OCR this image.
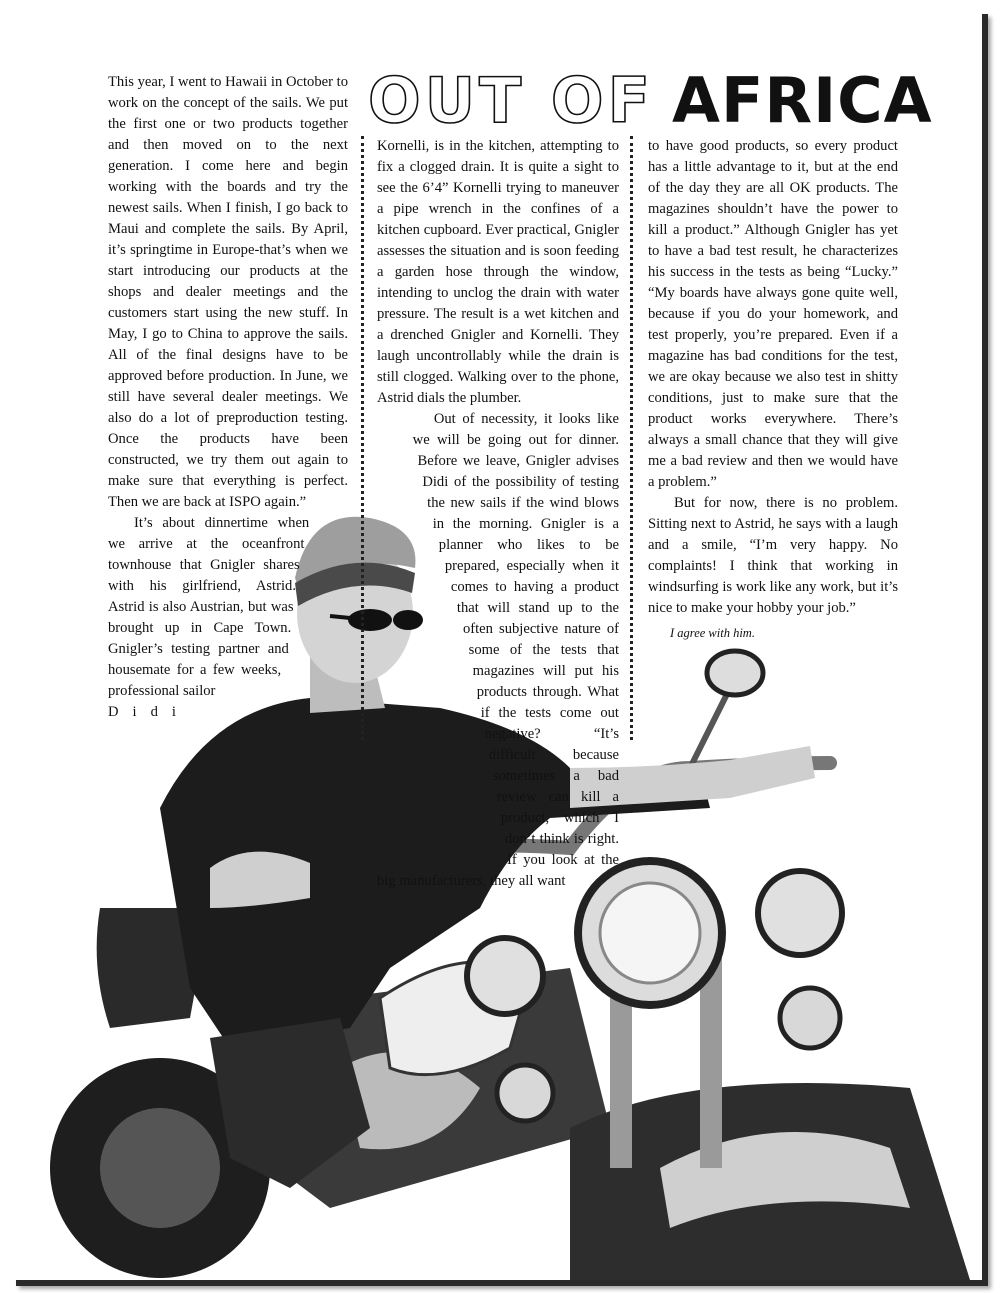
OUT OF AFRICA

This year, I went to Hawaii in October to work on the concept of the sails. We put the first one or two products together and then moved on to the next generation. I come here and begin working with the boards and try the newest sails. When I finish, I go back to Maui and complete the sails. By April, it’s springtime in Europe-that’s when we start introducing our products at the shops and dealer meetings and the customers start using the new stuff. In May, I go to China to approve the sails. All of the final designs have to be approved before production. In June, we still have several dealer meetings. We also do a lot of preproduction testing. Once the products have been constructed, we try them out again to make sure that everything is perfect. Then we are back at ISPO again.”

It’s about dinnertime when we arrive at the oceanfront townhouse that Gnigler shares with his girlfriend, Astrid. Astrid is also Austrian, but was brought up in Cape Town. Gnigler’s testing partner and housemate for a few weeks, professional sailor
Didi

Kornelli, is in the kitchen, attempting to fix a clogged drain. It is quite a sight to see the 6’4” Kornelli trying to maneuver a pipe wrench in the confines of a kitchen cupboard. Ever practical, Gnigler assesses the situation and is soon feeding a garden hose through the window, intending to unclog the drain with water pressure. The result is a wet kitchen and a drenched Gnigler and Kornelli. They laugh uncontrollably while the drain is still clogged. Walking over to the phone, Astrid dials the plumber.

Out of necessity, it looks like we will be going out for dinner. Before we leave, Gnigler advises Didi of the possibility of testing the new sails if the wind blows in the morning. Gnigler is a planner who likes to be prepared, especially when it comes to having a product that will stand up to the often subjective nature of some of the tests that magazines will put his products through. What if the tests come out negative? “It’s difficult because sometimes a bad review can kill a product, which I don’t think is right. If you look at the big manufacturers, they all want

to have good products, so every product has a little advantage to it, but at the end of the day they are all OK products. The magazines shouldn’t have the power to kill a product.” Although Gnigler has yet to have a bad test result, he characterizes his success in the tests as being “Lucky.” “My boards have always gone quite well, because if you do your homework, and test properly, you’re prepared. Even if a magazine has bad conditions for the test, we are okay because we also test in shitty conditions, just to make sure that the product works everywhere. There’s always a small chance that they will give me a bad review and then we would have a problem.”

But for now, there is no problem. Sitting next to Astrid, he says with a laugh and a smile, “I’m very happy. No complaints! I think that working in windsurfing is work like any work, but it’s nice to make your hobby your job.”

I agree with him.
